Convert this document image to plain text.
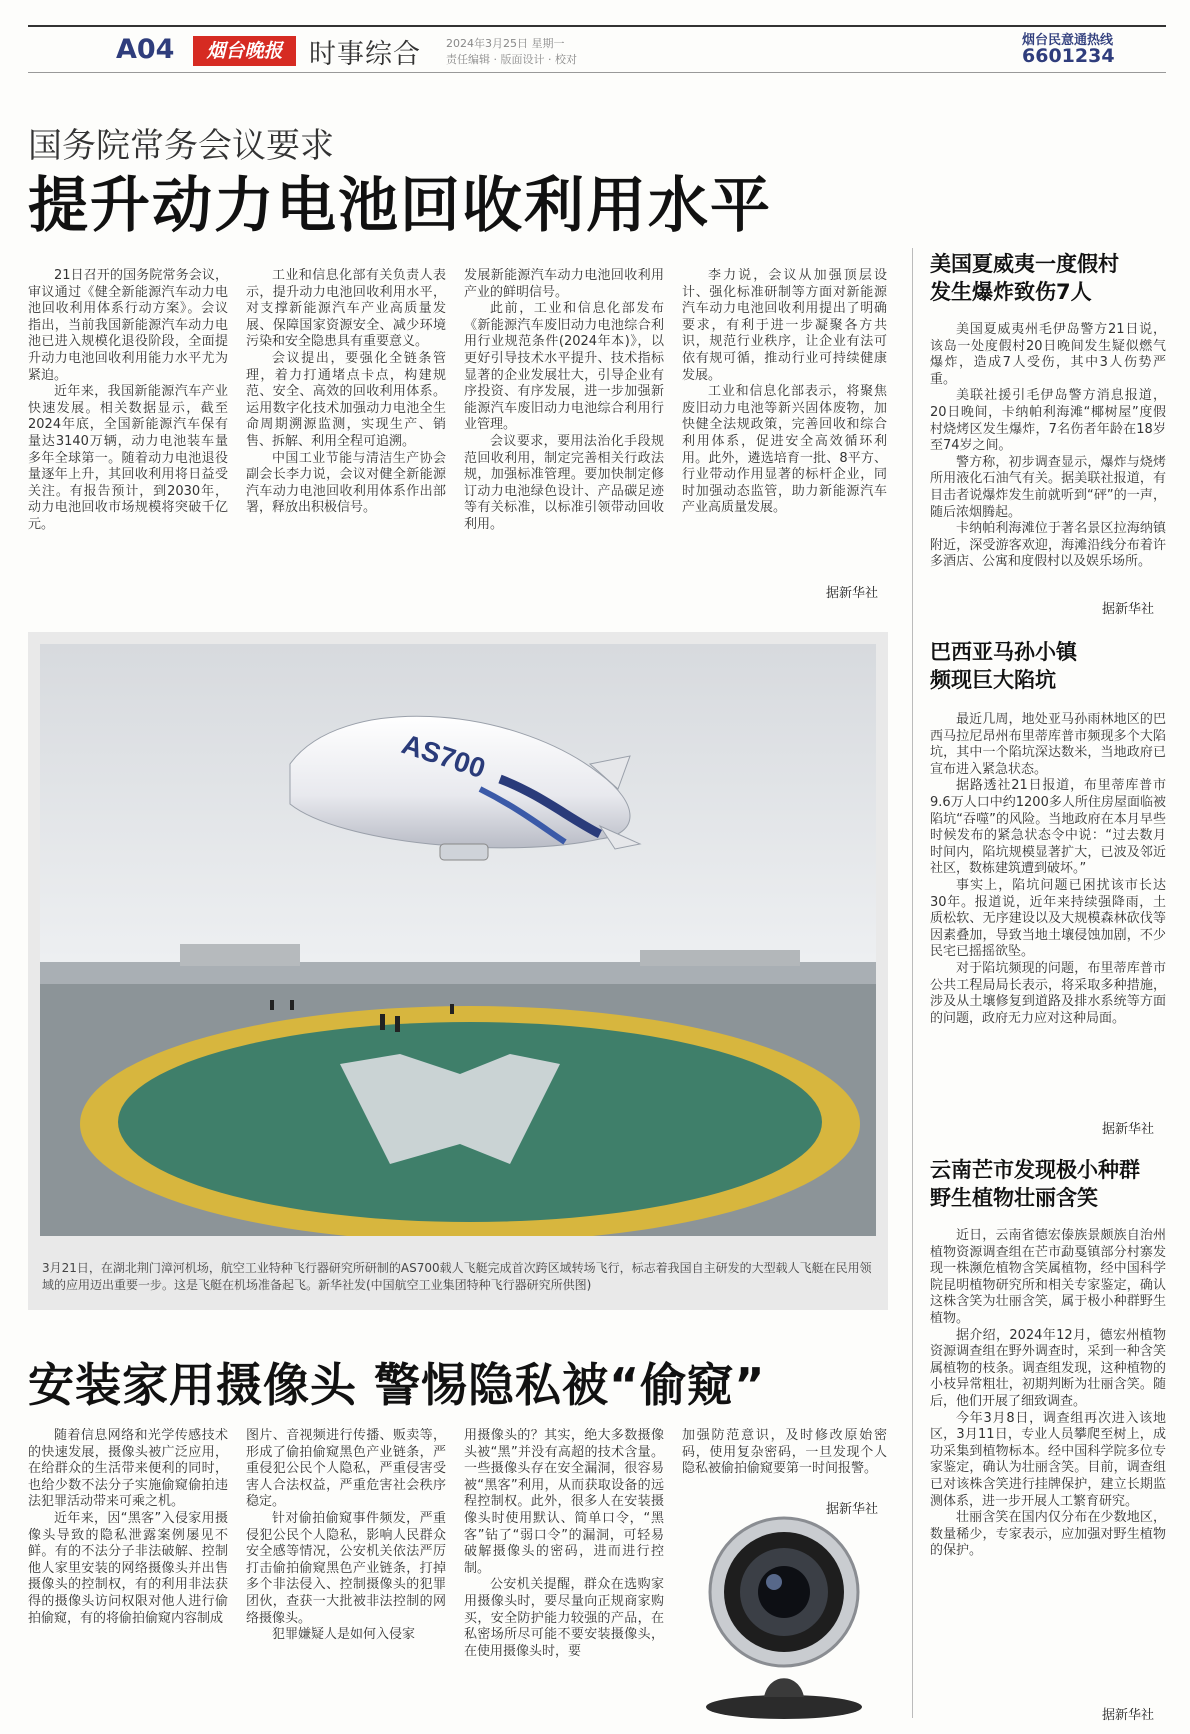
A04	烟台晚报 时事综合 2024年3月25日 星期一
责任编辑 · 版面设计 · 校对
烟台民意通热线
6601234
国务院常务会议要求
提升动力电池回收利用水平

21日召开的国务院常务会议，审议通过《健全新能源汽车动力电池回收利用体系行动方案》。会议指出，当前我国新能源汽车动力电池已进入规模化退役阶段，全面提升动力电池回收利用能力水平尤为紧迫。

近年来，我国新能源汽车产业快速发展。相关数据显示，截至2024年底，全国新能源汽车保有量达3140万辆，动力电池装车量多年全球第一。随着动力电池退役量逐年上升，其回收利用将日益受关注。有报告预计，到2030年，动力电池回收市场规模将突破千亿元。

工业和信息化部有关负责人表示，提升动力电池回收利用水平，对支撑新能源汽车产业高质量发展、保障国家资源安全、减少环境污染和安全隐患具有重要意义。

会议提出，要强化全链条管理，着力打通堵点卡点，构建规范、安全、高效的回收利用体系。运用数字化技术加强动力电池全生命周期溯源监测，实现生产、销售、拆解、利用全程可追溯。

中国工业节能与清洁生产协会副会长李力说，会议对健全新能源汽车动力电池回收利用体系作出部署，释放出积极信号。

发展新能源汽车动力电池回收利用产业的鲜明信号。

此前，工业和信息化部发布《新能源汽车废旧动力电池综合利用行业规范条件(2024年本)》，以更好引导技术水平提升、技术指标显著的企业发展壮大，引导企业有序投资、有序发展，进一步加强新能源汽车废旧动力电池综合利用行业管理。

会议要求，要用法治化手段规范回收利用，制定完善相关行政法规，加强标准管理。要加快制定修订动力电池绿色设计、产品碳足迹等有关标准，以标准引领带动回收利用。

李力说，会议从加强顶层设计、强化标准研制等方面对新能源汽车动力电池回收利用提出了明确要求，有利于进一步凝聚各方共识，规范行业秩序，让企业有法可依有规可循，推动行业可持续健康发展。

工业和信息化部表示，将聚焦废旧动力电池等新兴固体废物，加快健全法规政策，完善回收和综合利用体系，促进安全高效循环利用。此外，遴选培育一批、8平方、行业带动作用显著的标杆企业，同时加强动态监管，助力新能源汽车产业高质量发展。

据新华社
美国夏威夷一度假村
发生爆炸致伤7人

美国夏威夷州毛伊岛警方21日说，该岛一处度假村20日晚间发生疑似燃气爆炸，造成7人受伤，其中3人伤势严重。

美联社援引毛伊岛警方消息报道，20日晚间，卡纳帕利海滩“椰树屋”度假村烧烤区发生爆炸，7名伤者年龄在18岁至74岁之间。

警方称，初步调查显示，爆炸与烧烤所用液化石油气有关。据美联社报道，有目击者说爆炸发生前就听到“砰”的一声，随后浓烟腾起。

卡纳帕利海滩位于著名景区拉海纳镇附近，深受游客欢迎，海滩沿线分布着许多酒店、公寓和度假村以及娱乐场所。

据新华社
巴西亚马孙小镇
频现巨大陷坑

最近几周，地处亚马孙雨林地区的巴西马拉尼昂州布里蒂库普市频现多个大陷坑，其中一个陷坑深达数米，当地政府已宣布进入紧急状态。

据路透社21日报道，布里蒂库普市9.6万人口中约1200多人所住房屋面临被陷坑“吞噬”的风险。当地政府在本月早些时候发布的紧急状态令中说：“过去数月时间内，陷坑规模显著扩大，已波及邻近社区，数栋建筑遭到破坏。”

事实上，陷坑问题已困扰该市长达30年。报道说，近年来持续强降雨，土质松软、无序建设以及大规模森林砍伐等因素叠加，导致当地土壤侵蚀加剧，不少民宅已摇摇欲坠。

对于陷坑频现的问题，布里蒂库普市公共工程局局长表示，将采取多种措施，涉及从土壤修复到道路及排水系统等方面的问题，政府无力应对这种局面。

据新华社
云南芒市发现极小种群
野生植物壮丽含笑

近日，云南省德宏傣族景颇族自治州植物资源调查组在芒市勐戛镇部分村寨发现一株濒危植物含笑属植物，经中国科学院昆明植物研究所和相关专家鉴定，确认这株含笑为壮丽含笑，属于极小种群野生植物。

据介绍，2024年12月，德宏州植物资源调查组在野外调查时，采到一种含笑属植物的枝条。调查组发现，这种植物的小枝异常粗壮，初期判断为壮丽含笑。随后，他们开展了细致调查。

今年3月8日，调查组再次进入该地区，3月11日，专业人员攀爬至树上，成功采集到植物标本。经中国科学院多位专家鉴定，确认为壮丽含笑。目前，调查组已对该株含笑进行挂牌保护，建立长期监测体系，进一步开展人工繁育研究。

壮丽含笑在国内仅分布在少数地区，数量稀少，专家表示，应加强对野生植物的保护。

据新华社
AS700
3月21日，在湖北荆门漳河机场，航空工业特种飞行器研究所研制的AS700载人飞艇完成首次跨区域转场飞行，标志着我国自主研发的大型载人飞艇在民用领域的应用迈出重要一步。这是飞艇在机场准备起飞。新华社发(中国航空工业集团特种飞行器研究所供图)
安装家用摄像头 警惕隐私被“偷窥”

随着信息网络和光学传感技术的快速发展，摄像头被广泛应用，在给群众的生活带来便利的同时，也给少数不法分子实施偷窥偷拍违法犯罪活动带来可乘之机。

近年来，因“黑客”入侵家用摄像头导致的隐私泄露案例屡见不鲜。有的不法分子非法破解、控制他人家里安装的网络摄像头并出售摄像头的控制权，有的利用非法获得的摄像头访问权限对他人进行偷拍偷窥，有的将偷拍偷窥内容制成

图片、音视频进行传播、贩卖等，形成了偷拍偷窥黑色产业链条，严重侵犯公民个人隐私，严重侵害受害人合法权益，严重危害社会秩序稳定。

针对偷拍偷窥事件频发，严重侵犯公民个人隐私，影响人民群众安全感等情况，公安机关依法严厉打击偷拍偷窥黑色产业链条，打掉多个非法侵入、控制摄像头的犯罪团伙，查获一大批被非法控制的网络摄像头。

犯罪嫌疑人是如何入侵家

用摄像头的？其实，绝大多数摄像头被“黑”并没有高超的技术含量。一些摄像头存在安全漏洞，很容易被“黑客”利用，从而获取设备的远程控制权。此外，很多人在安装摄像头时使用默认、简单口令，“黑客”钻了“弱口令”的漏洞，可轻易破解摄像头的密码，进而进行控制。

公安机关提醒，群众在选购家用摄像头时，要尽量向正规商家购买，安全防护能力较强的产品，在私密场所尽可能不要安装摄像头，在使用摄像头时，要

加强防范意识，及时修改原始密码，使用复杂密码，一旦发现个人隐私被偷拍偷窥要第一时间报警。

据新华社
